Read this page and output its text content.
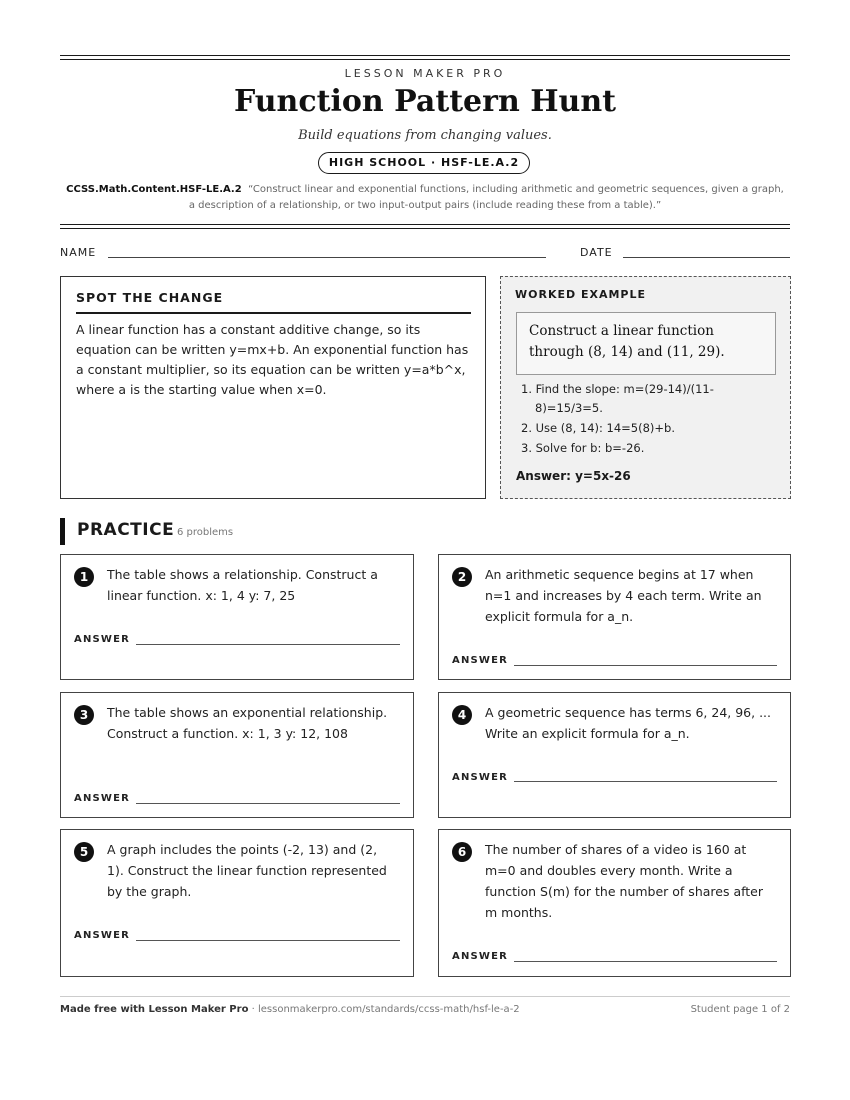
LESSON MAKER PRO
Function Pattern Hunt
Build equations from changing values.
HIGH SCHOOL · HSF-LE.A.2
CCSS.Math.Content.HSF-LE.A.2 “Construct linear and exponential functions, including arithmetic and geometric sequences, given a graph, a description of a relationship, or two input-output pairs (include reading these from a table).”
NAME	DATE
SPOT THE CHANGE

A linear function has a constant additive change, so its equation can be written y=mx+b. An exponential function has a constant multiplier, so its equation can be written y=a*b^x, where a is the starting value when x=0.

WORKED EXAMPLE
Construct a linear function through (8, 14) and (11, 29).
1. Find the slope: m=(29-14)/(11-8)=15/3=5.
2. Use (8, 14): 14=5(8)+b.
3. Solve for b: b=-26.
Answer: y=5x-26
PRACTICE 6 problems
1	The table shows a relationship. Construct a linear function. x: 1, 4 y: 7, 25

ANSWER
2	An arithmetic sequence begins at 17 when n=1 and increases by 4 each term. Write an explicit formula for a_n.

ANSWER
3	The table shows an exponential relationship. Construct a function. x: 1, 3 y: 12, 108

ANSWER
4	A geometric sequence has terms 6, 24, 96, ... Write an explicit formula for a_n.

ANSWER
5	A graph includes the points (-2, 13) and (2, 1). Construct the linear function represented by the graph.

ANSWER
6	The number of shares of a video is 160 at m=0 and doubles every month. Write a function S(m) for the number of shares after m months.

ANSWER
Made free with Lesson Maker Pro · lessonmakerpro.com/standards/ccss-math/hsf-le-a-2	Student page 1 of 2
